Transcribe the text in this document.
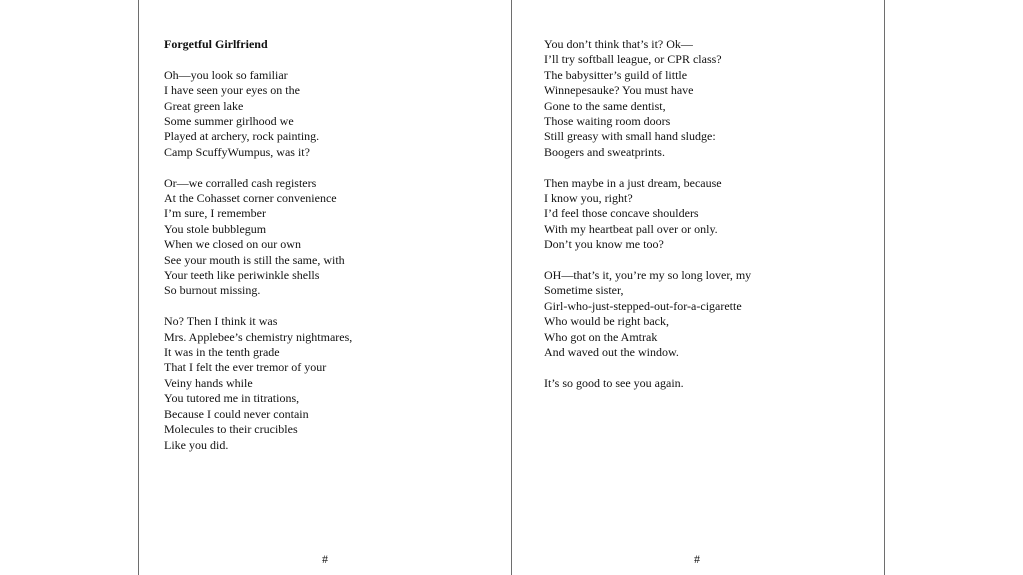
Forgetful Girlfriend
Oh—you look so familiar
I have seen your eyes on the
Great green lake
Some summer girlhood we
Played at archery, rock painting.
Camp ScuffyWumpus, was it?
Or—we corralled cash registers
At the Cohasset corner convenience
I’m sure, I remember
You stole bubblegum
When we closed on our own
See your mouth is still the same, with
Your teeth like periwinkle shells
So burnout missing.
No? Then I think it was
Mrs. Applebee’s chemistry nightmares,
It was in the tenth grade
That I felt the ever tremor of your
Veiny hands while
You tutored me in titrations,
Because I could never contain
Molecules to their crucibles
Like you did.
#
You don’t think that’s it? Ok—
I’ll try softball league, or CPR class?
The babysitter’s guild of little
Winnepesauke? You must have
Gone to the same dentist,
Those waiting room doors
Still greasy with small hand sludge:
Boogers and sweatprints.
Then maybe in a just dream, because
I know you, right?
I’d feel those concave shoulders
With my heartbeat pall over or only.
Don’t you know me too?
OH—that’s it, you’re my so long lover, my
Sometime sister,
Girl-who-just-stepped-out-for-a-cigarette
Who would be right back,
Who got on the Amtrak
And waved out the window.
It’s so good to see you again.
#
